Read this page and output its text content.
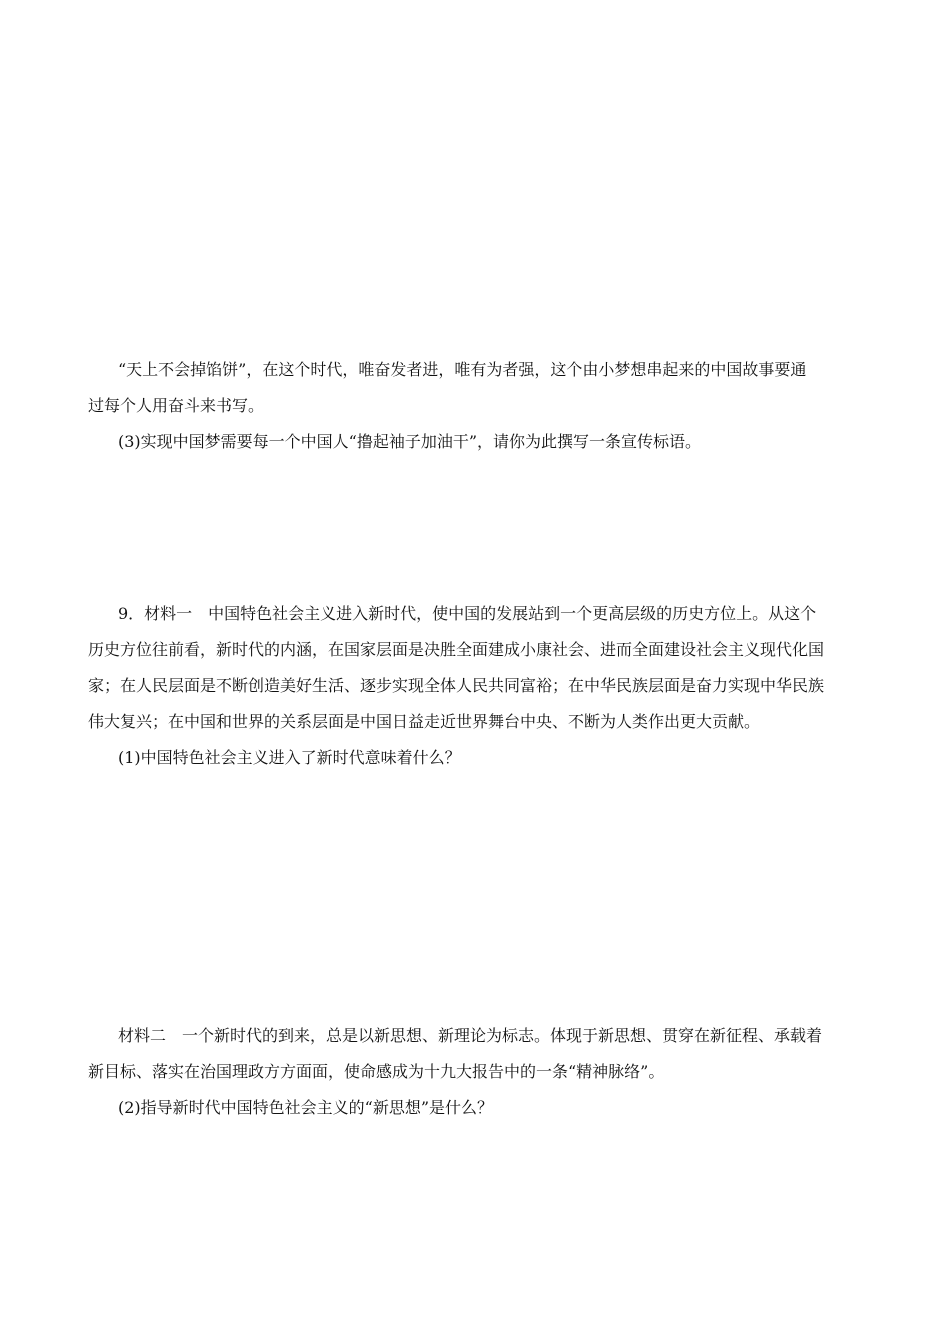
“天上不会掉馅饼”，在这个时代，唯奋发者进，唯有为者强，这个由小梦想串起来的中国故事要通

过每个人用奋斗来书写。

(3)实现中国梦需要每一个中国人“撸起袖子加油干”，请你为此撰写一条宣传标语。

9．材料一　中国特色社会主义进入新时代，使中国的发展站到一个更高层级的历史方位上。从这个

历史方位往前看，新时代的内涵，在国家层面是决胜全面建成小康社会、进而全面建设社会主义现代化国

家；在人民层面是不断创造美好生活、逐步实现全体人民共同富裕；在中华民族层面是奋力实现中华民族

伟大复兴；在中国和世界的关系层面是中国日益走近世界舞台中央、不断为人类作出更大贡献。

(1)中国特色社会主义进入了新时代意味着什么？

材料二　一个新时代的到来，总是以新思想、新理论为标志。体现于新思想、贯穿在新征程、承载着

新目标、落实在治国理政方方面面，使命感成为十九大报告中的一条“精神脉络”。

(2)指导新时代中国特色社会主义的“新思想”是什么？
